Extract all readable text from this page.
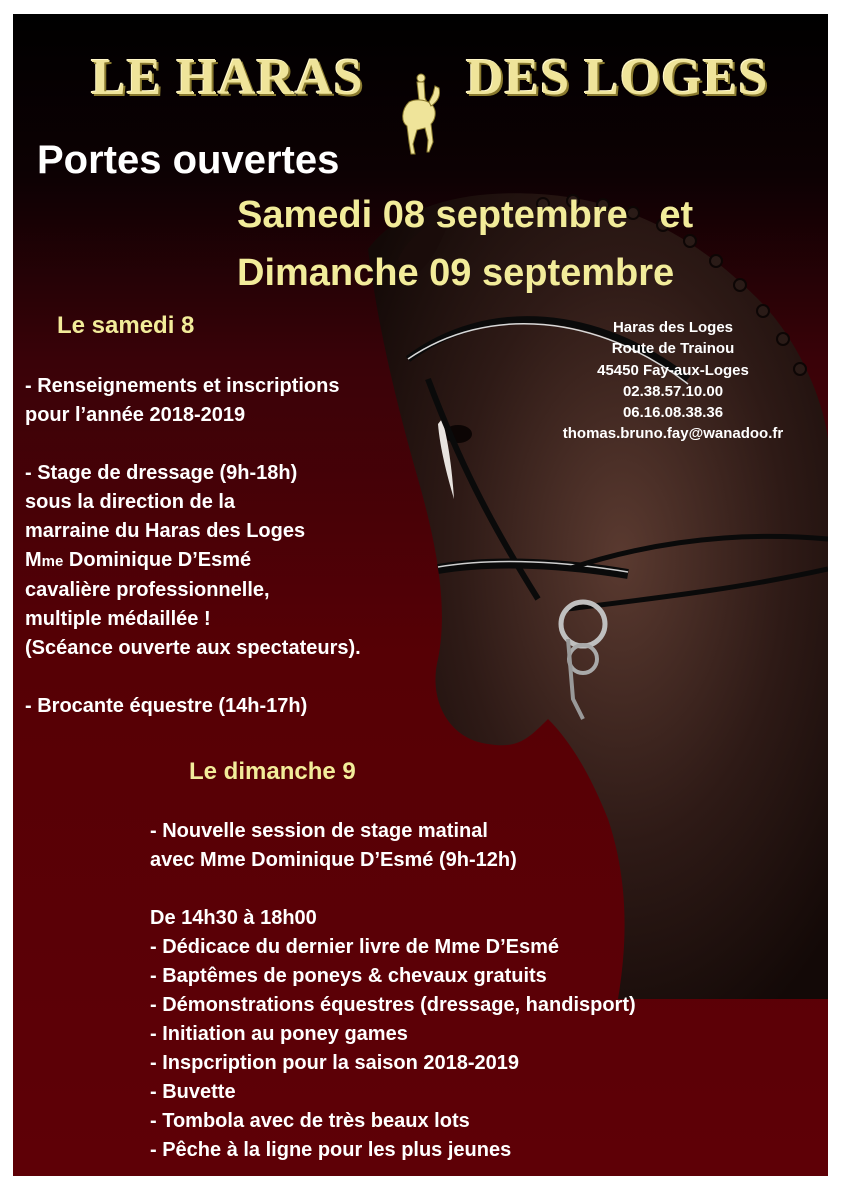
LE HARAS DES LOGES
Portes ouvertes
Samedi 08 septembre   et
Dimanche 09 septembre
Haras des Loges
Route de Trainou
45450 Fay-aux-Loges
02.38.57.10.00
06.16.08.38.36
thomas.bruno.fay@wanadoo.fr
Le samedi 8
- Renseignements et inscriptions
pour l’année 2018-2019
- Stage de dressage (9h-18h)
sous la direction de la
marraine du Haras des Loges
Mme Dominique D’Esmé
cavalière professionnelle,
multiple médaillée !
(Scéance ouverte aux spectateurs).
- Brocante équestre (14h-17h)
Le dimanche 9
- Nouvelle session de stage matinal
avec Mme Dominique D’Esmé (9h-12h)
De 14h30 à 18h00
- Dédicace du dernier livre de Mme D’Esmé
- Baptêmes de poneys & chevaux gratuits
- Démonstrations équestres (dressage, handisport)
- Initiation au poney games
- Inspcription pour la saison 2018-2019
- Buvette
- Tombola avec de très beaux lots
- Pêche à la ligne pour les plus jeunes
